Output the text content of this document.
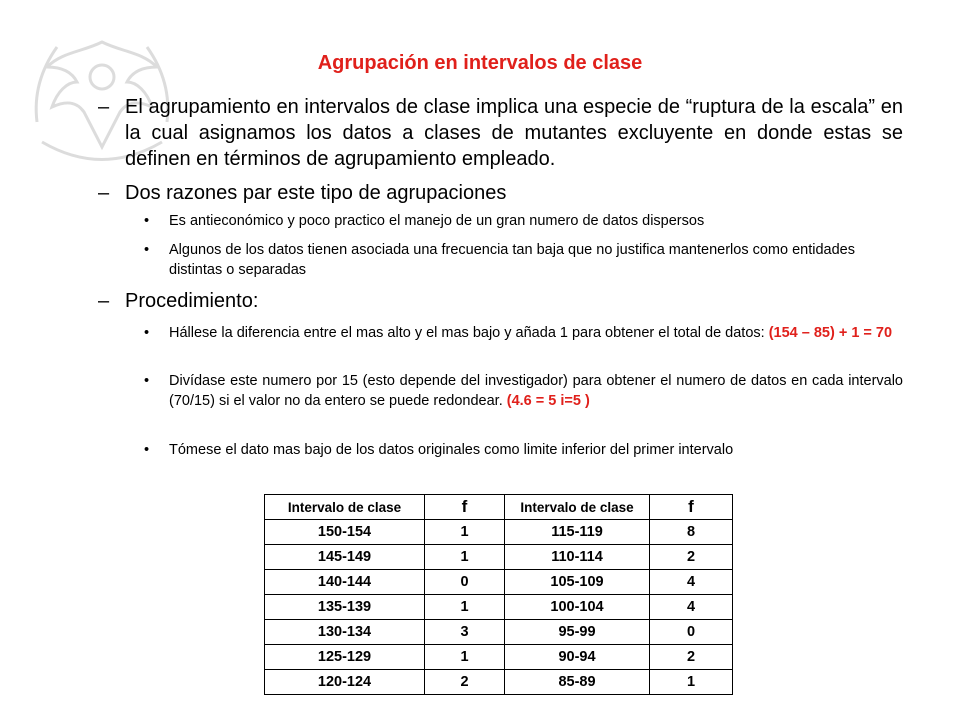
Agrupación en intervalos de clase
– El agrupamiento en intervalos de clase implica una especie de “ruptura de la escala” en la cual asignamos los datos a clases de mutantes excluyente en donde estas se definen en términos de agrupamiento empleado.
– Dos razones par este tipo de agrupaciones
• Es antieconómico y poco practico el manejo de un gran numero de datos dispersos
• Algunos de los datos tienen asociada una frecuencia tan baja que no justifica mantenerlos como entidades distintas o separadas
– Procedimiento:
• Hállese la diferencia entre el mas alto y el mas bajo y añada 1 para obtener el total de datos: (154 – 85) + 1 = 70
• Divídase este numero por 15 (esto depende del investigador) para obtener el numero de datos en cada intervalo (70/15) si el valor no da entero se puede redondear. (4.6 = 5 i=5 )
• Tómese el dato mas bajo de los datos originales como limite inferior del primer intervalo
Intervalo de clase	f	Intervalo de clase	f
150-154	1	115-119	8
145-149	1	110-114	2
140-144	0	105-109	4
135-139	1	100-104	4
130-134	3	95-99	0
125-129	1	90-94	2
120-124	2	85-89	1
